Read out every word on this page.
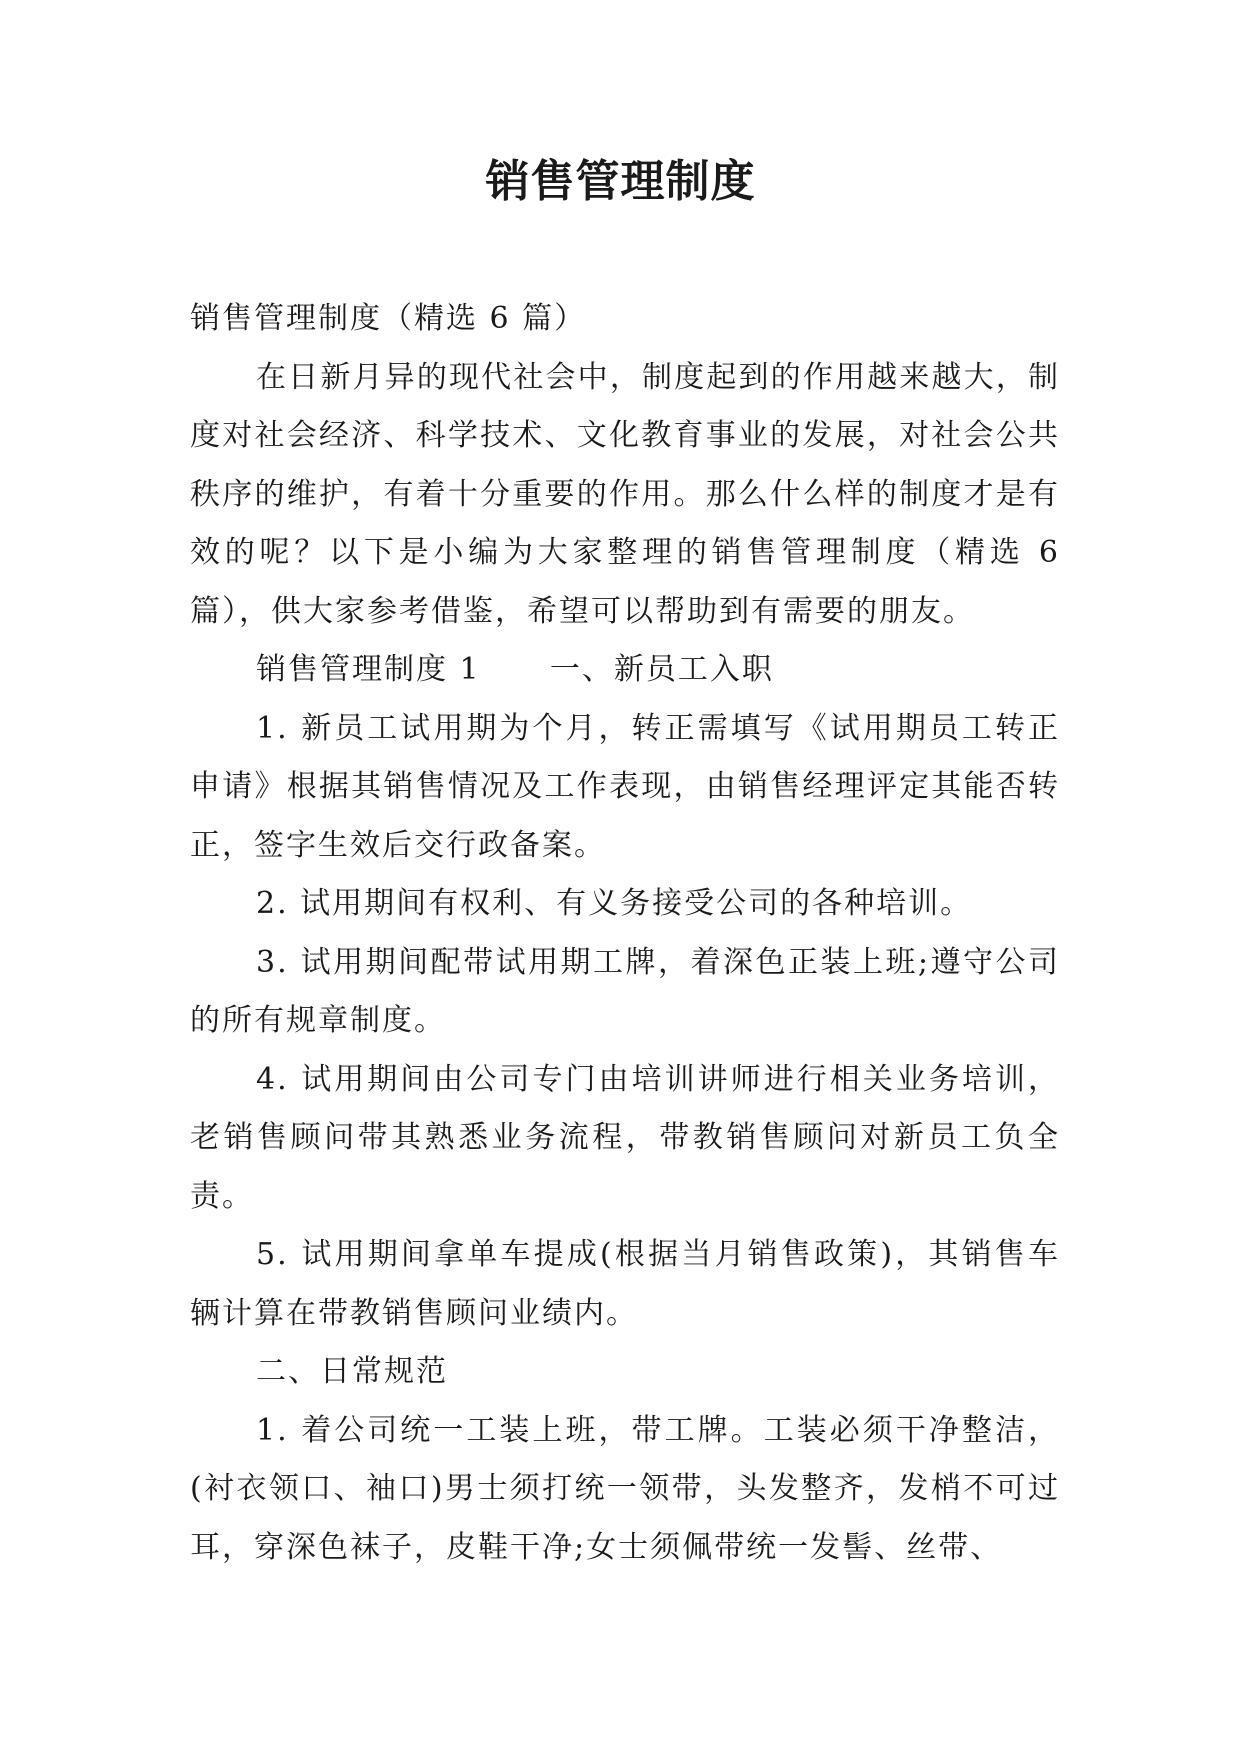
销售管理制度

销售管理制度（精选 6 篇）

在日新月异的现代社会中，制度起到的作用越来越大，制度对社会经济、科学技术、文化教育事业的发展，对社会公共秩序的维护，有着十分重要的作用。那么什么样的制度才是有效的呢？以下是小编为大家整理的销售管理制度（精选 6 篇），供大家参考借鉴，希望可以帮助到有需要的朋友。

销售管理制度 1 一、新员工入职

1. 新员工试用期为个月，转正需填写《试用期员工转正申请》根据其销售情况及工作表现，由销售经理评定其能否转正，签字生效后交行政备案。

2. 试用期间有权利、有义务接受公司的各种培训。

3. 试用期间配带试用期工牌，着深色正装上班;遵守公司的所有规章制度。

4. 试用期间由公司专门由培训讲师进行相关业务培训，老销售顾问带其熟悉业务流程，带教销售顾问对新员工负全责。

5. 试用期间拿单车提成(根据当月销售政策)，其销售车辆计算在带教销售顾问业绩内。

二、日常规范

1. 着公司统一工装上班，带工牌。工装必须干净整洁，(衬衣领口、袖口)男士须打统一领带，头发整齐，发梢不可过耳，穿深色袜子，皮鞋干净;女士须佩带统一发髻、丝带、
